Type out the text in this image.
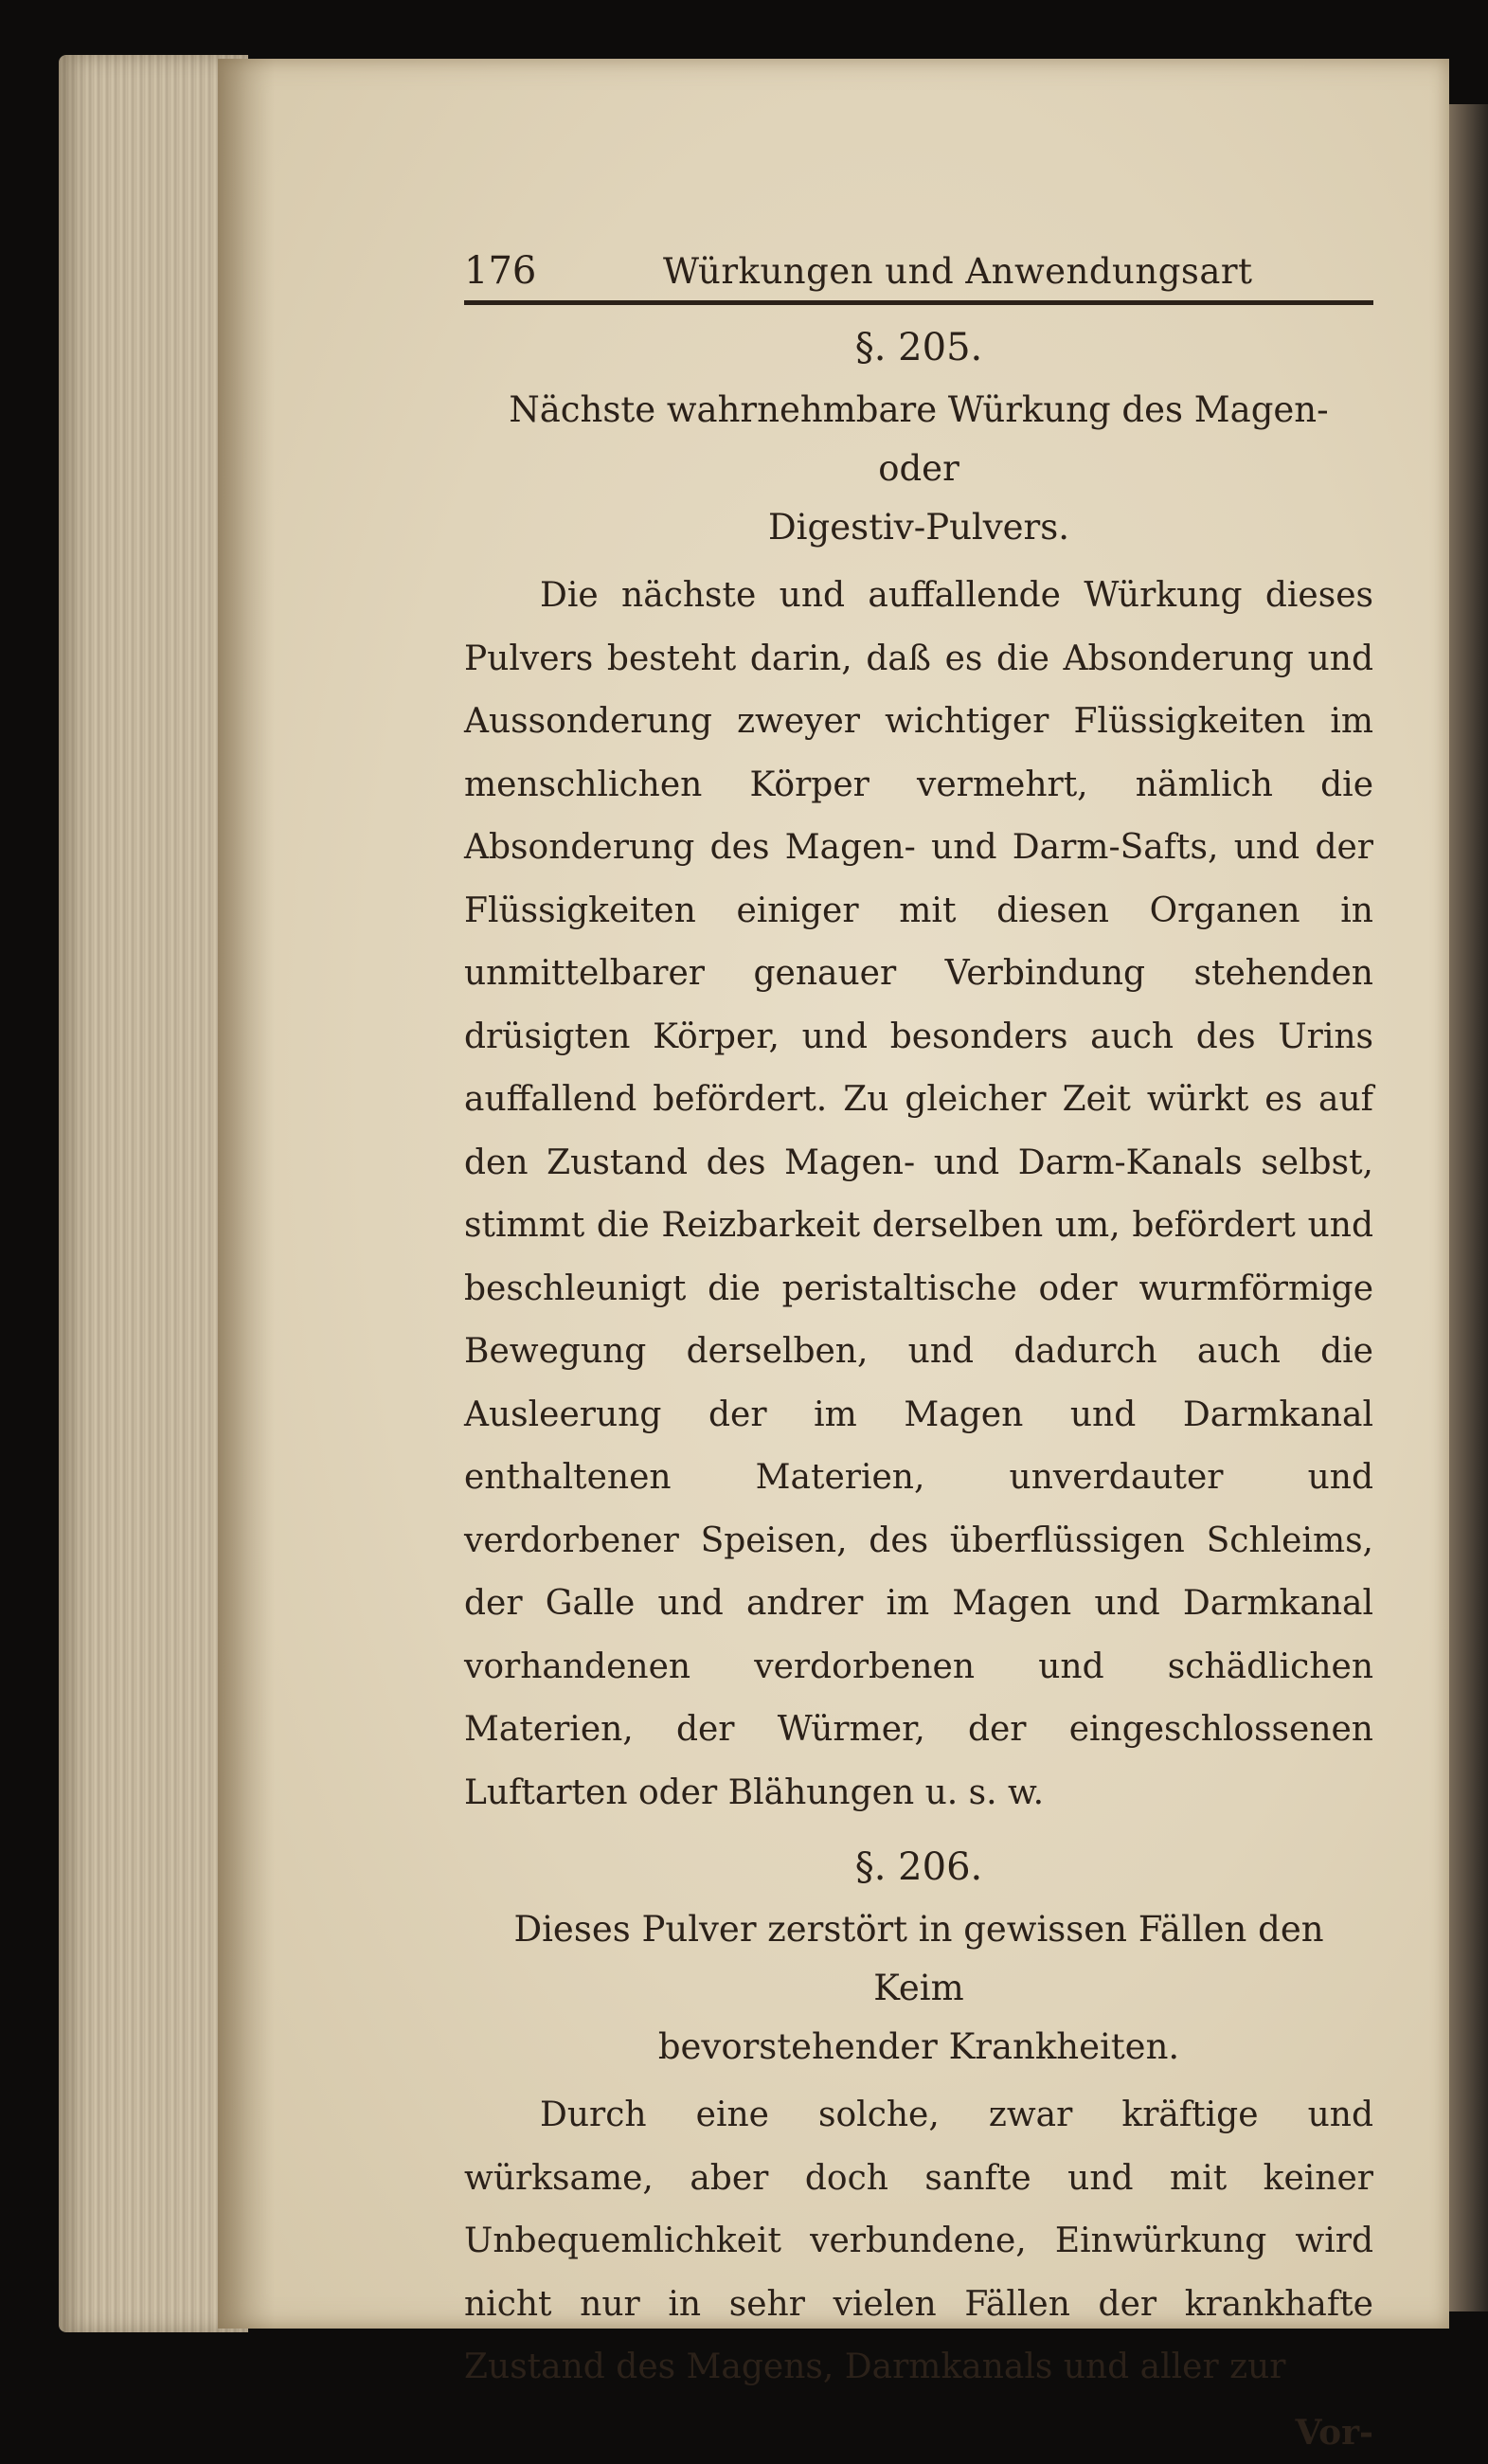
176	Würkungen und Anwendungsart
§. 205.
Nächste wahrnehmbare Würkung des Magen- oder
Digestiv-Pulvers.

Die nächste und auffallende Würkung dieses Pulvers besteht darin, daß es die Absonderung und Aussonderung zweyer wichtiger Flüssigkeiten im menschlichen Körper vermehrt, nämlich die Absonderung des Magen- und Darm-Safts, und der Flüssigkeiten einiger mit diesen Organen in unmittelbarer genauer Verbindung stehenden drüsigten Körper, und besonders auch des Urins auffallend befördert. Zu gleicher Zeit würkt es auf den Zustand des Magen- und Darm-Kanals selbst, stimmt die Reizbarkeit derselben um, befördert und beschleunigt die peristaltische oder wurmförmige Bewegung derselben, und dadurch auch die Ausleerung der im Magen und Darmkanal enthaltenen Materien, unverdauter und verdorbener Speisen, des überflüssigen Schleims, der Galle und andrer im Magen und Darmkanal vorhandenen verdorbenen und schädlichen Materien, der Würmer, der eingeschlossenen Luftarten oder Blähungen u. s. w.

§. 206.
Dieses Pulver zerstört in gewissen Fällen den Keim
bevorstehender Krankheiten.

Durch eine solche, zwar kräftige und würksame, aber doch sanfte und mit keiner Unbequemlichkeit verbundene, Einwürkung wird nicht nur in sehr vielen Fällen der krankhafte Zustand des Magens, Darmkanals und aller zur

Vor-
